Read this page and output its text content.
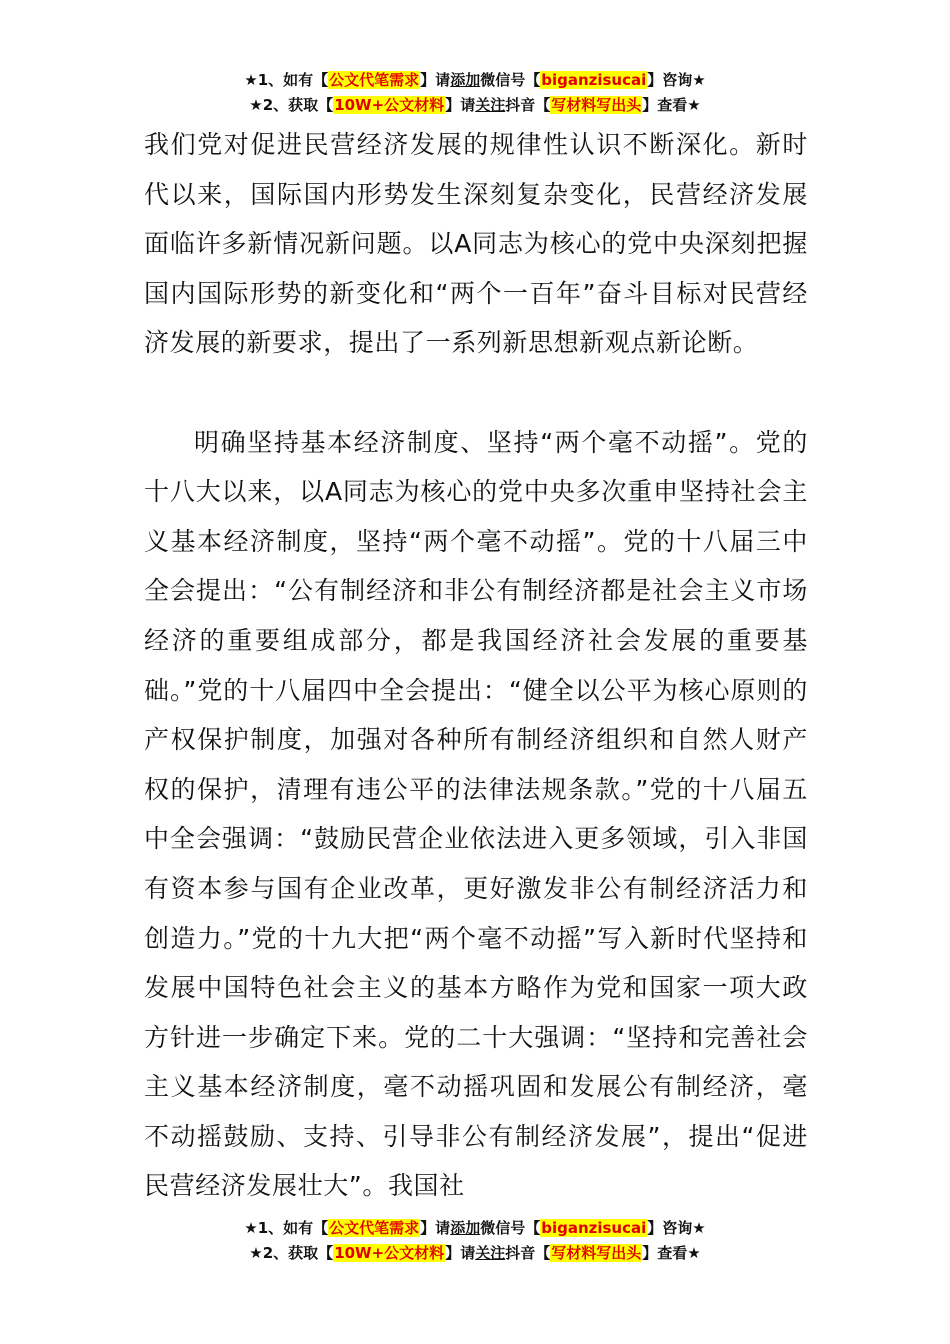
★1、如有【公文代笔需求】请添加微信号【biganzisucai】咨询★
★2、获取【10W+公文材料】请关注抖音【写材料写出头】查看★

我们党对促进民营经济发展的规律性认识不断深化。新时代以来，国际国内形势发生深刻复杂变化，民营经济发展面临许多新情况新问题。以A同志为核心的党中央深刻把握国内国际形势的新变化和“两个一百年”奋斗目标对民营经济发展的新要求，提出了一系列新思想新观点新论断。

明确坚持基本经济制度、坚持“两个毫不动摇”。党的十八大以来，以A同志为核心的党中央多次重申坚持社会主义基本经济制度，坚持“两个毫不动摇”。党的十八届三中全会提出：“公有制经济和非公有制经济都是社会主义市场经济的重要组成部分，都是我国经济社会发展的重要基础。”党的十八届四中全会提出：“健全以公平为核心原则的产权保护制度，加强对各种所有制经济组织和自然人财产权的保护，清理有违公平的法律法规条款。”党的十八届五中全会强调：“鼓励民营企业依法进入更多领域，引入非国有资本参与国有企业改革，更好激发非公有制经济活力和创造力。”党的十九大把“两个毫不动摇”写入新时代坚持和发展中国特色社会主义的基本方略作为党和国家一项大政方针进一步确定下来。党的二十大强调：“坚持和完善社会主义基本经济制度，毫不动摇巩固和发展公有制经济，毫不动摇鼓励、支持、引导非公有制经济发展”，提出“促进民营经济发展壮大”。我国社

★1、如有【公文代笔需求】请添加微信号【biganzisucai】咨询★
★2、获取【10W+公文材料】请关注抖音【写材料写出头】查看★
